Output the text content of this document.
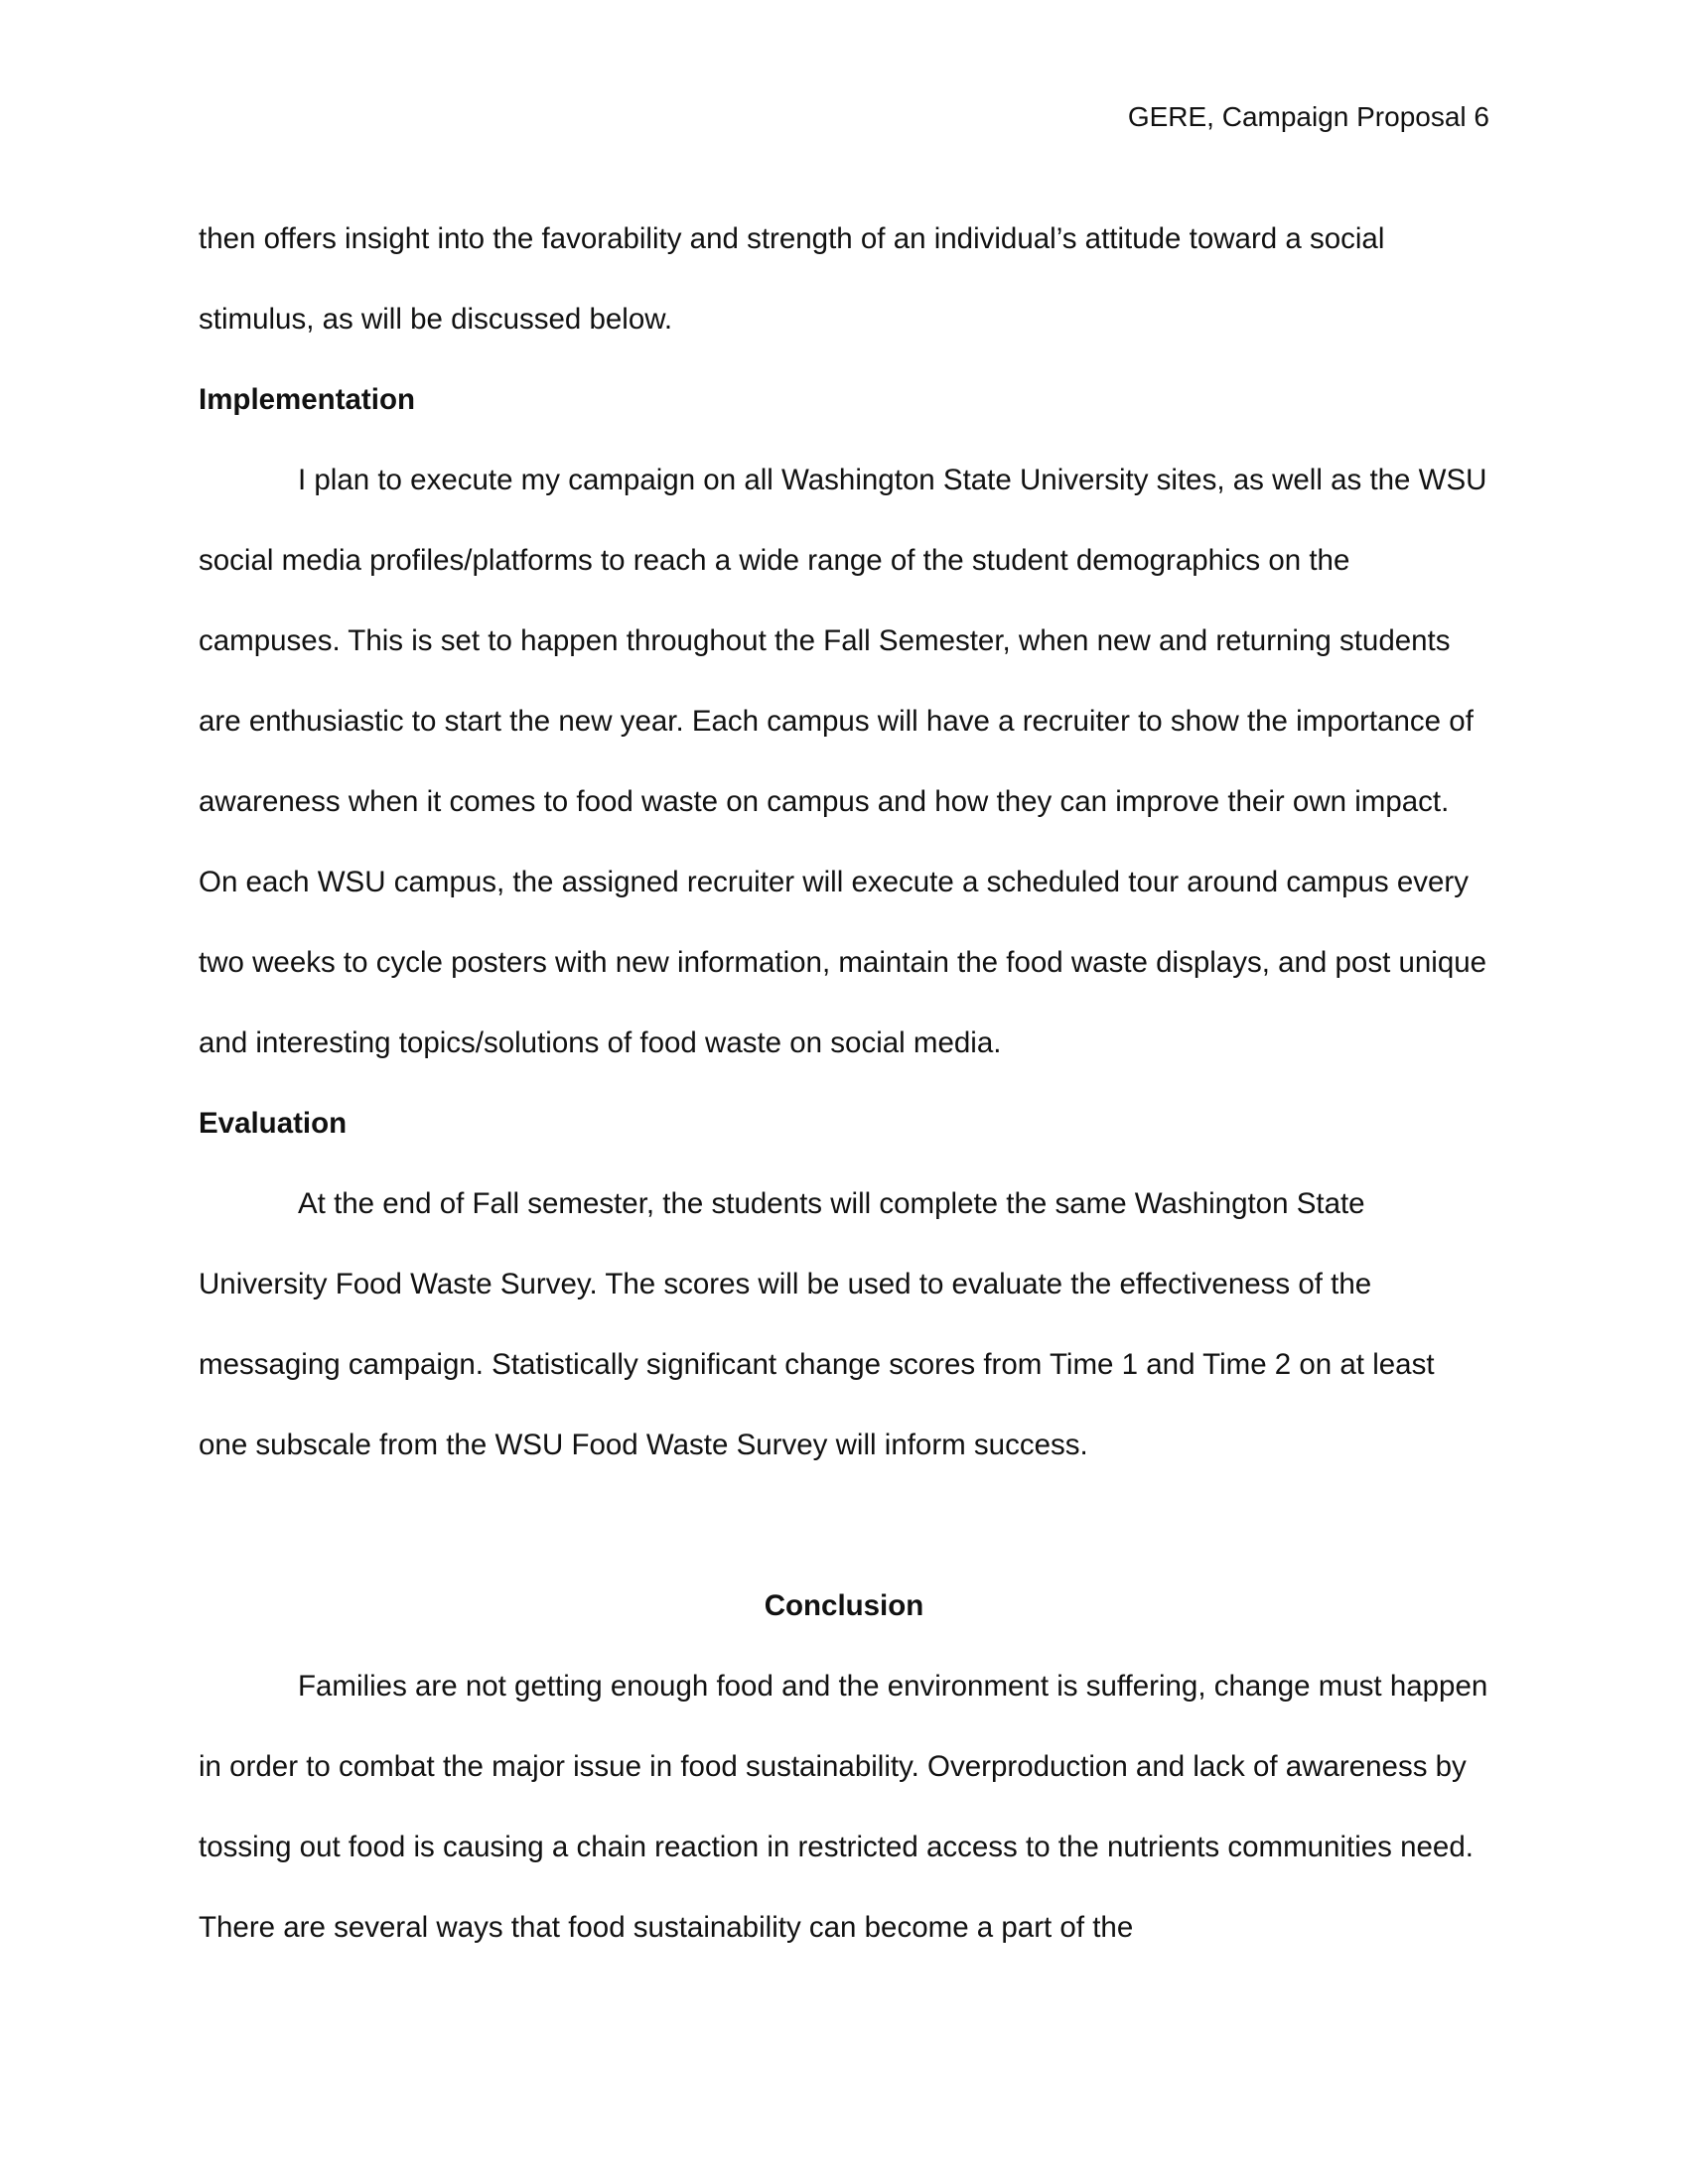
GERE, Campaign Proposal 6

then offers insight into the favorability and strength of an individual’s attitude toward a social stimulus, as will be discussed below.

Implementation

I plan to execute my campaign on all Washington State University sites, as well as the WSU social media profiles/platforms to reach a wide range of the student demographics on the campuses. This is set to happen throughout the Fall Semester, when new and returning students are enthusiastic to start the new year. Each campus will have a recruiter to show the importance of awareness when it comes to food waste on campus and how they can improve their own impact. On each WSU campus, the assigned recruiter will execute a scheduled tour around campus every two weeks to cycle posters with new information, maintain the food waste displays, and post unique and interesting topics/solutions of food waste on social media.

Evaluation

At the end of Fall semester, the students will complete the same Washington State University Food Waste Survey. The scores will be used to evaluate the effectiveness of the messaging campaign. Statistically significant change scores from Time 1 and Time 2 on at least one subscale from the WSU Food Waste Survey will inform success.

Conclusion

Families are not getting enough food and the environment is suffering, change must happen in order to combat the major issue in food sustainability. Overproduction and lack of awareness by tossing out food is causing a chain reaction in restricted access to the nutrients communities need. There are several ways that food sustainability can become a part of the
